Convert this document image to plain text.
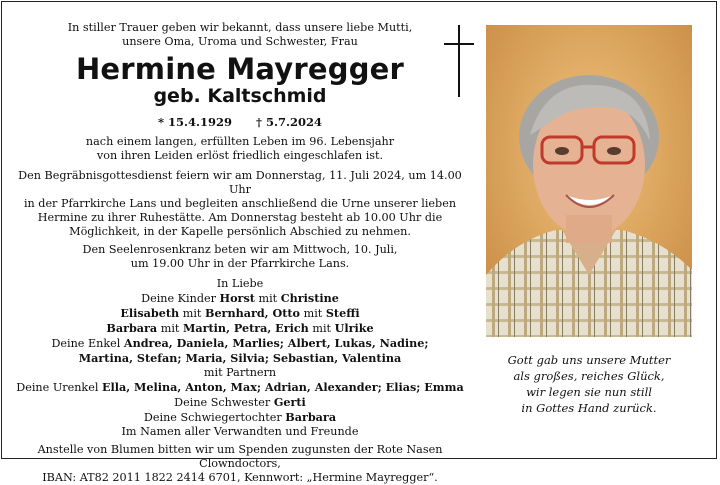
In stiller Trauer geben wir bekannt, dass unsere liebe Mutti,

unsere Oma, Uroma und Schwester, Frau

Hermine Mayregger

geb. Kaltschmid

* 15.4.1929 † 5.7.2024

nach einem langen, erfüllten Leben im 96. Lebensjahr

von ihren Leiden erlöst friedlich eingeschlafen ist.

Den Begräbnisgottesdienst feiern wir am Donnerstag, 11. Juli 2024, um 14.00 Uhr

in der Pfarrkirche Lans und begleiten anschließend die Urne unserer lieben

Hermine zu ihrer Ruhestätte. Am Donnerstag besteht ab 10.00 Uhr die

Möglichkeit, in der Kapelle persönlich Abschied zu nehmen.

Den Seelenrosenkranz beten wir am Mittwoch, 10. Juli,

um 19.00 Uhr in der Pfarrkirche Lans.

In Liebe

Deine Kinder Horst mit Christine

Elisabeth mit Bernhard, Otto mit Steffi

Barbara mit Martin, Petra, Erich mit Ulrike

Deine Enkel Andrea, Daniela, Marlies; Albert, Lukas, Nadine;

Martina, Stefan; Maria, Silvia; Sebastian, Valentina

mit Partnern

Deine Urenkel Ella, Melina, Anton, Max; Adrian, Alexander; Elias; Emma

Deine Schwester Gerti

Deine Schwiegertochter Barbara

Im Namen aller Verwandten und Freunde

Anstelle von Blumen bitten wir um Spenden zugunsten der Rote Nasen Clowndoctors,

IBAN: AT82 2011 1822 2414 6701, Kennwort: „Hermine Mayregger“.

Gott gab uns unsere Mutter

als großes, reiches Glück,

wir legen sie nun still

in Gottes Hand zurück.
